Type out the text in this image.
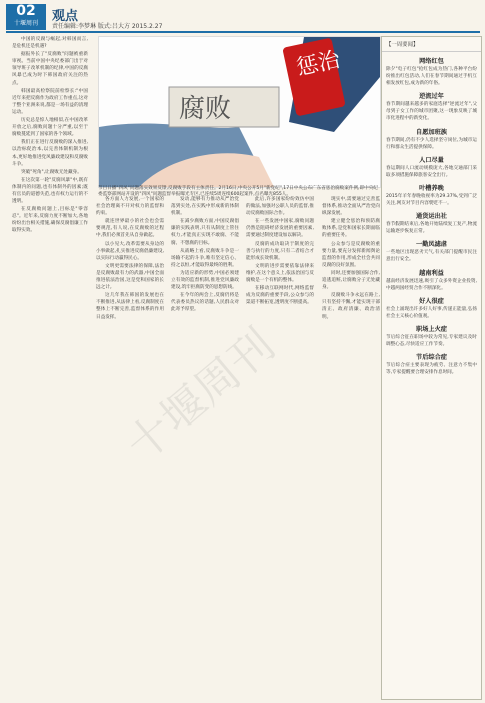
02
十堰周刊	观点
责任编辑:李梦琳 版式:吕大方 2015.2.27

中国的反腐与崛起,对韩国而言,是危机还是机遇?

据报外长了"反腐败"问题被重新审视。当前中国中央纪委部门出于对领导班子改革机制的纪律,中国的反腐风暴已成为时下韩国政府关注的热点。

韩国最高检察院前检察长:"中国近年来把反腐作为政府工作重点,这对于整个亚洲来说,都是一场有益的清理运动。

历史总是惊人地相似,在中国改革开放之后,腐败问题十分严重,以至于腐败蔓延到了国家的各个领域。

我们正在进行反腐败的深入推进,以治标促治本,以完善体制机制为根本,更好地推进党风廉政建设和反腐败斗争。

突破"死角",让腐败无处藏身。

在这次第一轮"反腐风暴"中,既有体制内的问题,也有体制外的因素;既有官员的道德失范,也有权力运行的不透明。

在反腐败问题上,目标是"零容忍"。近年来,反腐力度不断加大,各地纷纷出台相关措施,确保反腐倡廉工作取得实效。

惩治
腐败
节目日播"四风"问题落实效果反馈,反腐败手段有主体责任。2月16日,中央公开5月"新党纪",17日中央公布广东省惩治腐败案件例,即中央纪委监察部网站开设的"四风"问题监督举报曝光专区,已连续5周连续600起案件,点名曝光855人。

各方面人力发展,一个国家的社会治理离不开对权力的监督和约束。

就连世界最小的社会也会需要规范,有人说,在反腐败的过程中,我们必须首先从自身做起。

以小见大,改革需要从身边的小事做起,扎实推进反腐倡廉建设,以实际行动赢得民心。

文明更需要法律的保障,法治是反腐败最有力的武器,中国全面推进依法治国,这是党和国家的长远之计。

这几年我在韩国的发展也在不断推进,从法律上看,反腐制度在整体上不断完善,监督体系的作用日益发挥。

发动,能够有力推动从严治党落到实处,在实践中形成新的体制机制。

在减少腐败方面,中国反腐倡廉的实践表明,只有从制度上管住权力,才能真正实现不敢腐、不能腐、不想腐的目标。

从战略上看,反腐败斗争是一场输不起的斗争,唯有坚定信心、持之以恒,才能取得最终的胜利。

为适应新的形势,中国必须建立有效的监督机制,推进党风廉政建设,筑牢拒腐防变的思想防线。

在今年的两会上,反腐仍将是代表委员热议的话题,人民群众对此寄予厚望。

此后,许多国家纷纷效仿中国的做法,加强对公职人员的监督,推动反腐败国际合作。

在一些发展中国家,腐败问题仍然是阻碍经济发展的重要因素,需要通过制度建设加以解决。

反腐的成功取决于制度的完善与执行的力度,只有二者结合才能形成长效机制。

文明的进步需要依靠法律来维护,在这个意义上,依法治国与反腐败是一个有机的整体。

在移动互联网时代,网络监督成为反腐的重要手段,公众参与的渠道不断拓宽,透明度不断提高。

现实中,需要通过完善监督体系,推动全面从严治党向纵深发展。

建立健全惩治和预防腐败体系,是党和国家长期面临的重要任务。

公众参与是反腐败的重要力量,要充分发挥新闻舆论监督的作用,形成全社会共同反腐的良好氛围。

同时,还要加强国际合作,追逃追赃,让腐败分子无处藏身。

反腐败斗争永远在路上,只有坚持不懈,才能实现干部清正、政府清廉、政治清明。

【一周要闻】
网络红包
除夕"电子红包"抢红包成为热门,各种平台纷纷推出红包活动,人们在春节期间通过手机互相发放红包,成为新的年俗。
逆流过年
春节期间越来越多的家庭选择"逆流过年",父母到子女工作的城市团聚,这一现象反映了城市化进程中的新变化。
自愿加班族
春节期间,仍有不少人选择坚守岗位,为城市运行和群众生活提供保障。
人口尽量
春运期间人口流动规模庞大,各地交通部门采取多项措施保障旅客安全出行。
叶槽养晚
2015年羊年春晚收视率为29.37%,受到广泛关注,网友对节目内容褒贬不一。
通货运出社
春节假期结束后,各地开始陆续复工复产,物流运输逐步恢复正常。
一勤凤滤虐
一些地区出现恶劣天气,有关部门提醒市民注意出行安全。
越南利益
越南经济发展迅速,吸引了众多外资企业投资,中越两国经贸合作不断深化。
好人很症
社会上涌现出许多好人好事,传递正能量,弘扬社会主义核心价值观。
职场上火症
节后综合征在职场中较为常见,专家建议及时调整心态,尽快适应工作节奏。
节后综合症
节后综合症主要表现为疲劳、注意力不集中等,专家提醒要合理安排作息时间。
十堰周刊
